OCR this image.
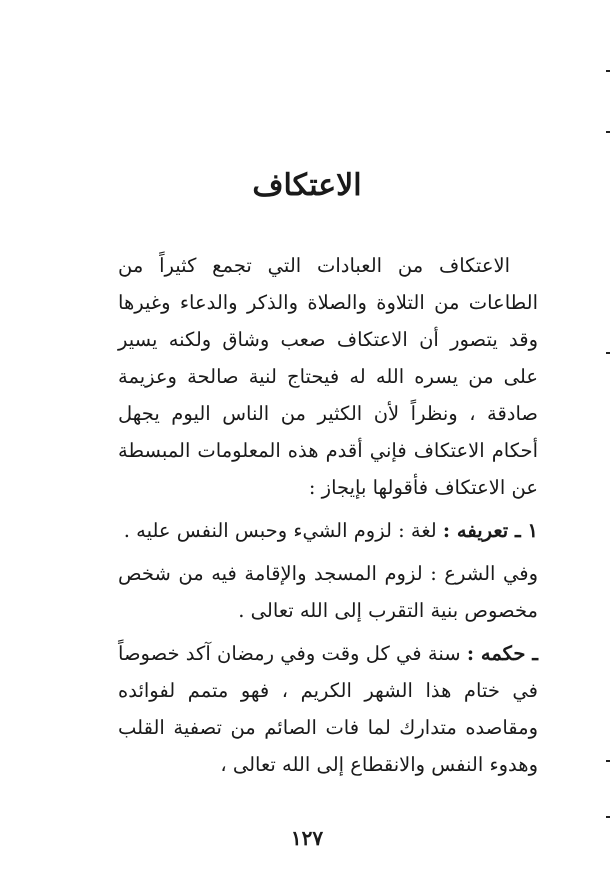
الاعتكاف

الاعتكاف من العبادات التي تجمع كثيراً من الطاعات من التلاوة والصلاة والذكر والدعاء وغيرها وقد يتصور أن الاعتكاف صعب وشاق ولكنه يسير على من يسره الله له فيحتاج لنية صالحة وعزيمة صادقة ، ونظراً لأن الكثير من الناس اليوم يجهل أحكام الاعتكاف فإني أقدم هذه المعلومات المبسطة عن الاعتكاف فأقولها بإيجاز :

١ ـ تعريفه : لغة : لزوم الشيء وحبس النفس عليه .

وفي الشرع : لزوم المسجد والإقامة فيه من شخص مخصوص بنية التقرب إلى الله تعالى .

ـ حكمه : سنة في كل وقت وفي رمضان آكد خصوصاً في ختام هذا الشهر الكريم ، فهو متمم لفوائده ومقاصده متدارك لما فات الصائم من تصفية القلب وهدوء النفس والانقطاع إلى الله تعالى ،

١٢٧
